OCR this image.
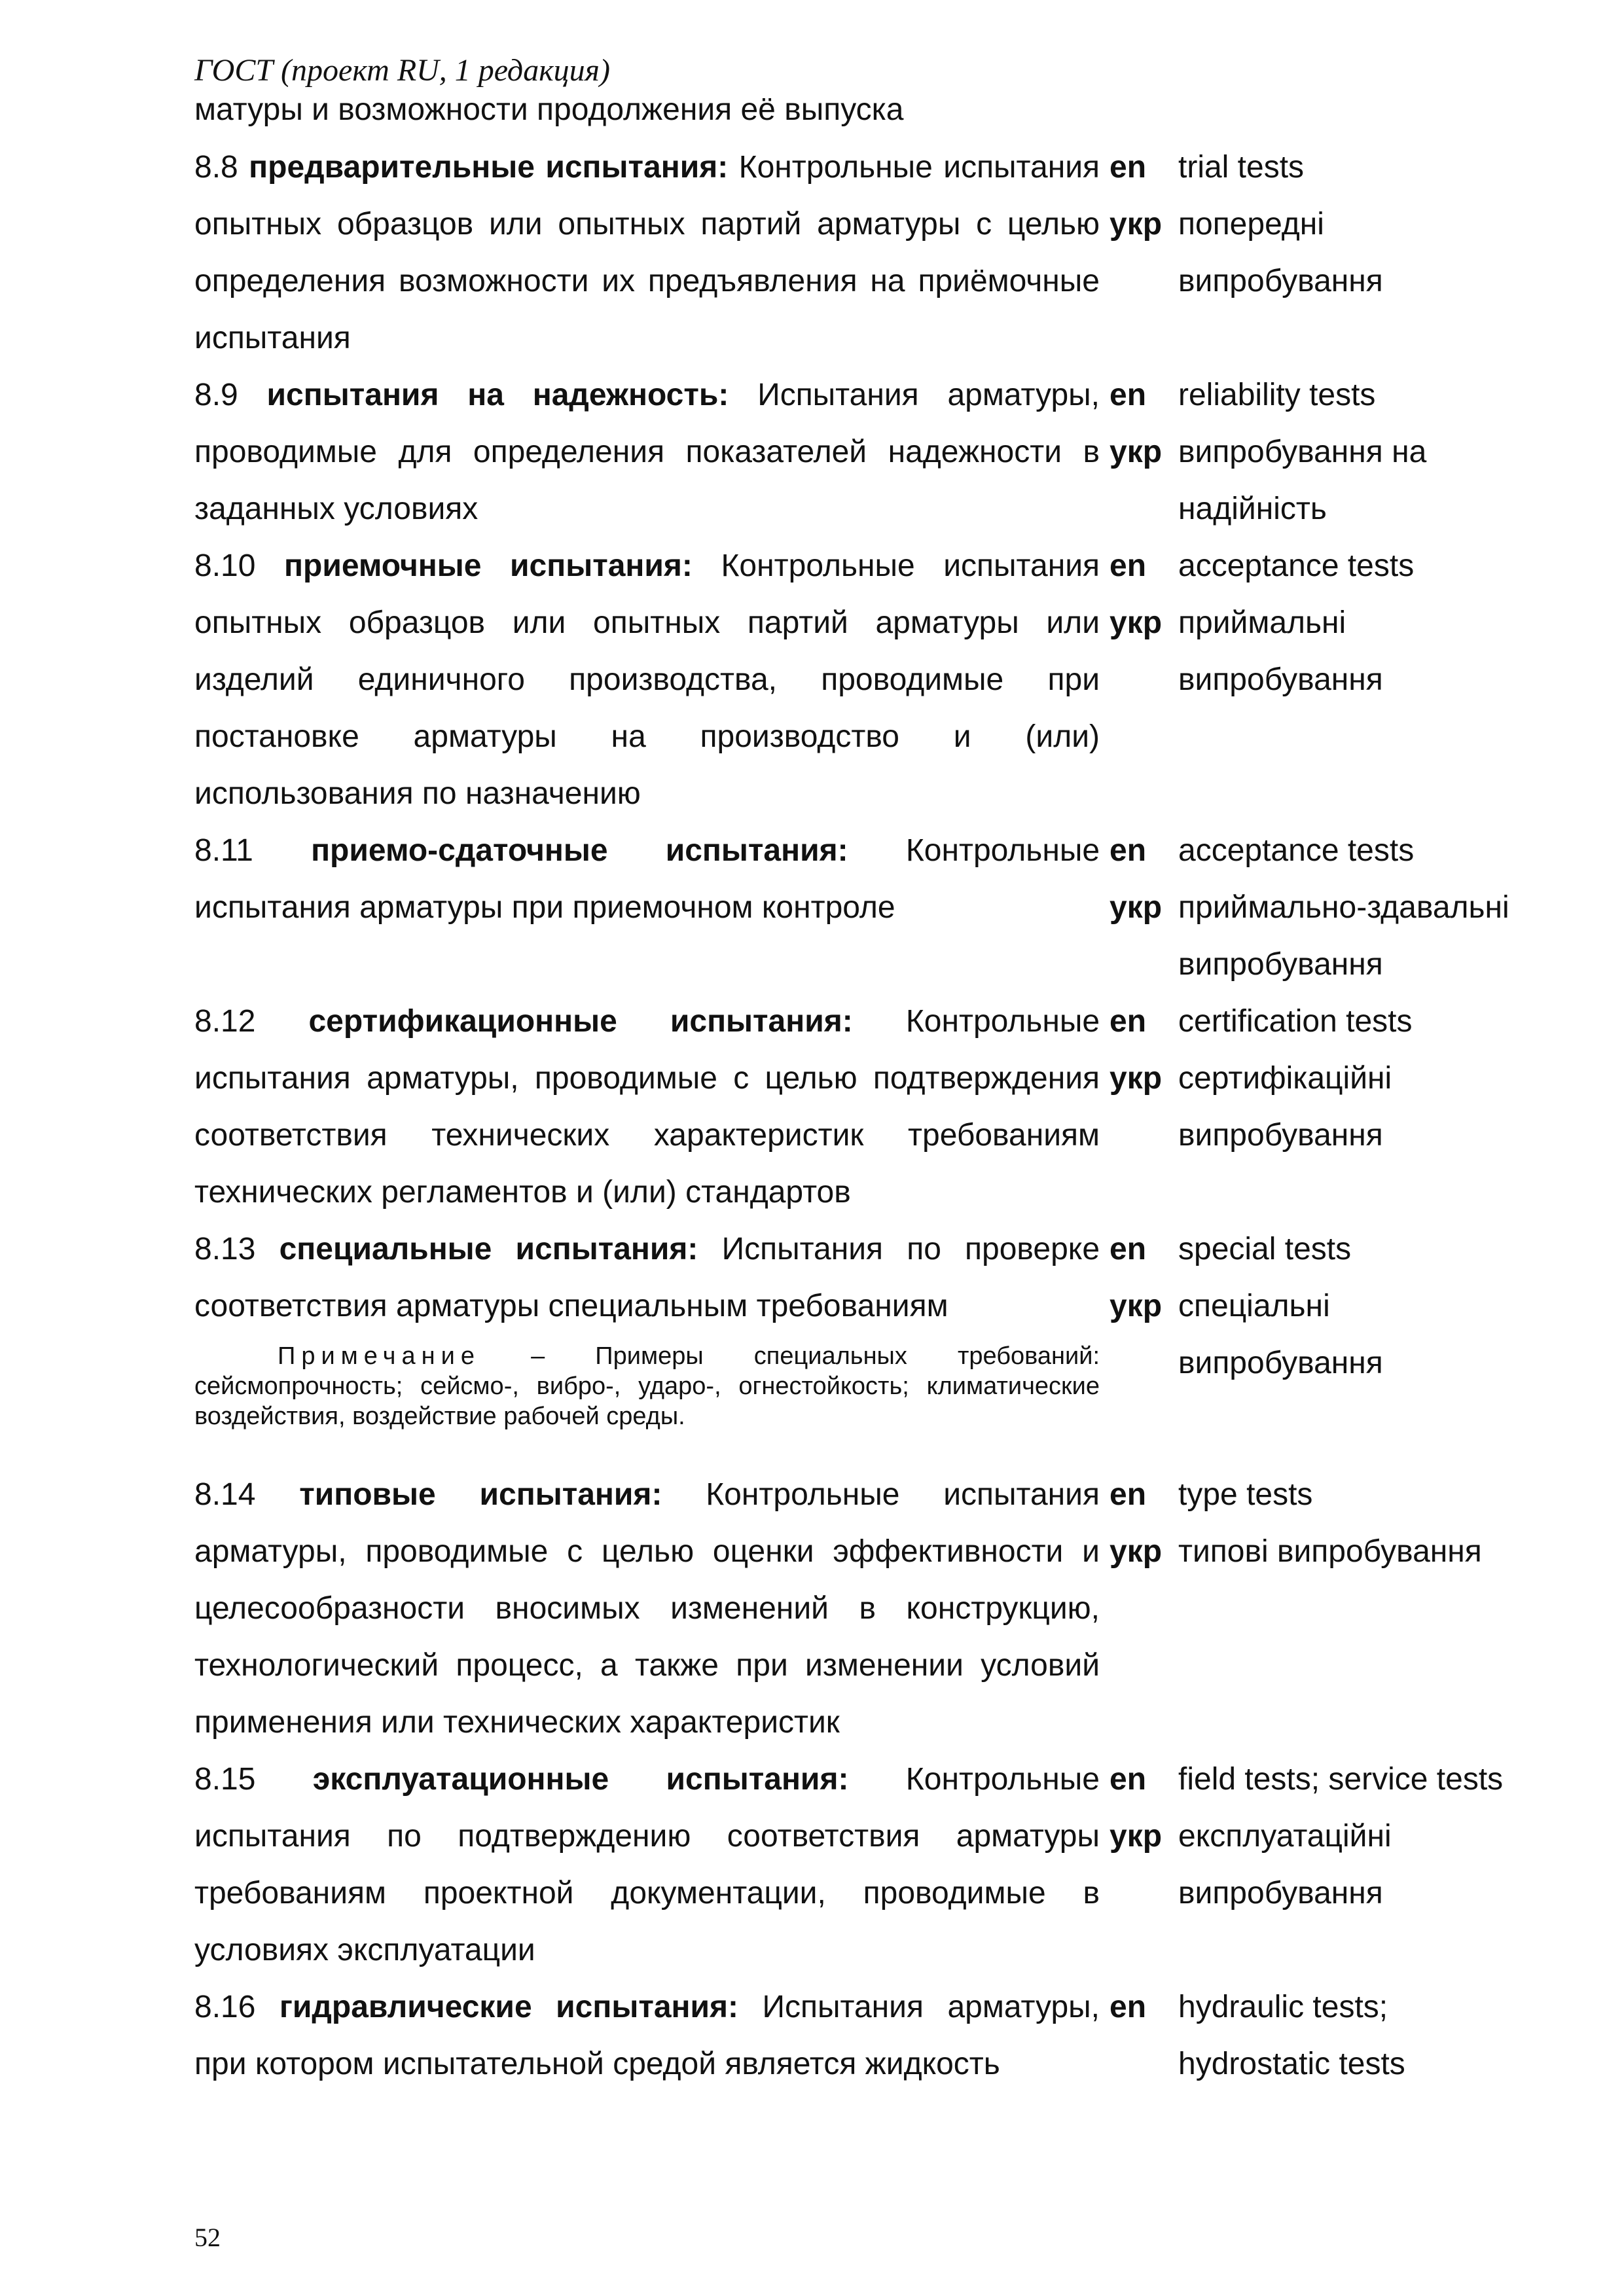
ГОСТ (проект RU, 1 редакция)
матуры и возможности продолжения её выпуска
8.8 предварительные испытания: Контрольные испытания опытных образцов или опытных партий арматуры с целью определения возможности их предъявления на приёмочные испытания
en
укр
trial tests
попередні випробування
8.9 испытания на надежность: Испытания арматуры, проводимые для определения показателей надежности в заданных условиях
en
укр
reliability tests
випробування на надійність
8.10 приемочные испытания: Контрольные испытания опытных образцов или опытных партий арматуры или изделий единичного производства, проводимые при постановке арматуры на производство и (или) использования по назначению
en
укр
acceptance tests
приймальні випробування
8.11 приемо-сдаточные испытания: Контрольные испытания арматуры при приемочном контроле
en
укр
acceptance tests
приймально-здавальні випробування
8.12 сертификационные испытания: Контрольные испытания арматуры, проводимые с целью подтверждения соответствия технических характеристик требованиям технических регламентов и (или) стандартов
en
укр
certification tests
сертифікаційні випробування
8.13 специальные испытания: Испытания по проверке соответствия арматуры специальным требованиям
Примечание – Примеры специальных требований: сейсмопрочность; сейсмо-, вибро-, ударо-, огнестойкость; климатические воздействия, воздействие рабочей среды.
en
укр
special tests
спеціальні випробування
8.14 типовые испытания: Контрольные испытания арматуры, проводимые с целью оценки эффективности и целесообразности вносимых изменений в конструкцию, технологический процесс, а также при изменении условий применения или технических характеристик
en
укр
type tests
типові випробування
8.15 эксплуатационные испытания: Контрольные испытания по подтверждению соответствия арматуры требованиям проектной документации, проводимые в условиях эксплуатации
en
укр
field tests; service tests
експлуатаційні випробування
8.16 гидравлические испытания: Испытания арматуры, при котором испытательной средой является жидкость
en	hydraulic tests; hydrostatic tests
52
